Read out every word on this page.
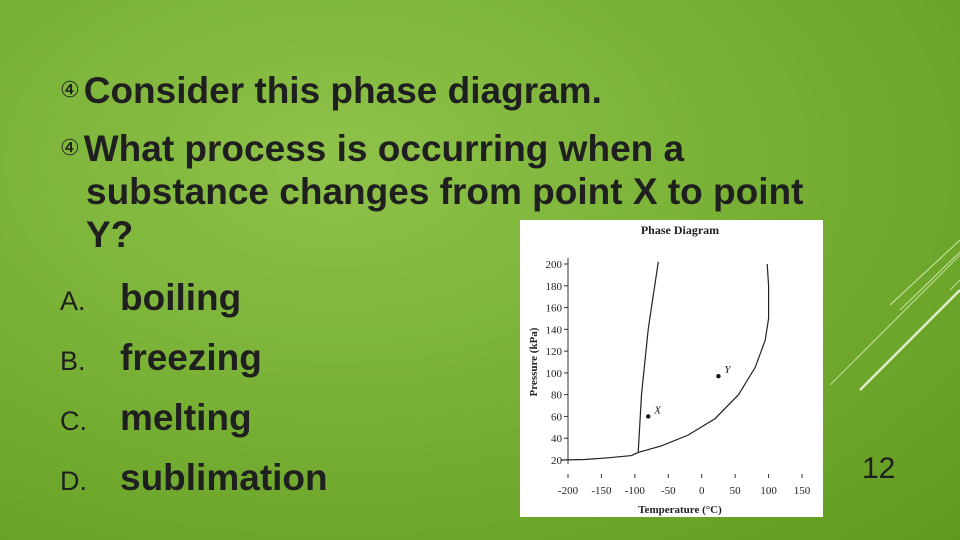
④ Consider this phase diagram.
④ What process is occurring when a
substance changes from point X to point
Y?
A. boiling
B. freezing
C. melting
D. sublimation
Phase Diagram
20
40
60
80
100
120
140
160
180
200
-200 -150 -100 -50 0 50 100 150
Temperature (°C)
Pressure (kPa)
X
Y
12
